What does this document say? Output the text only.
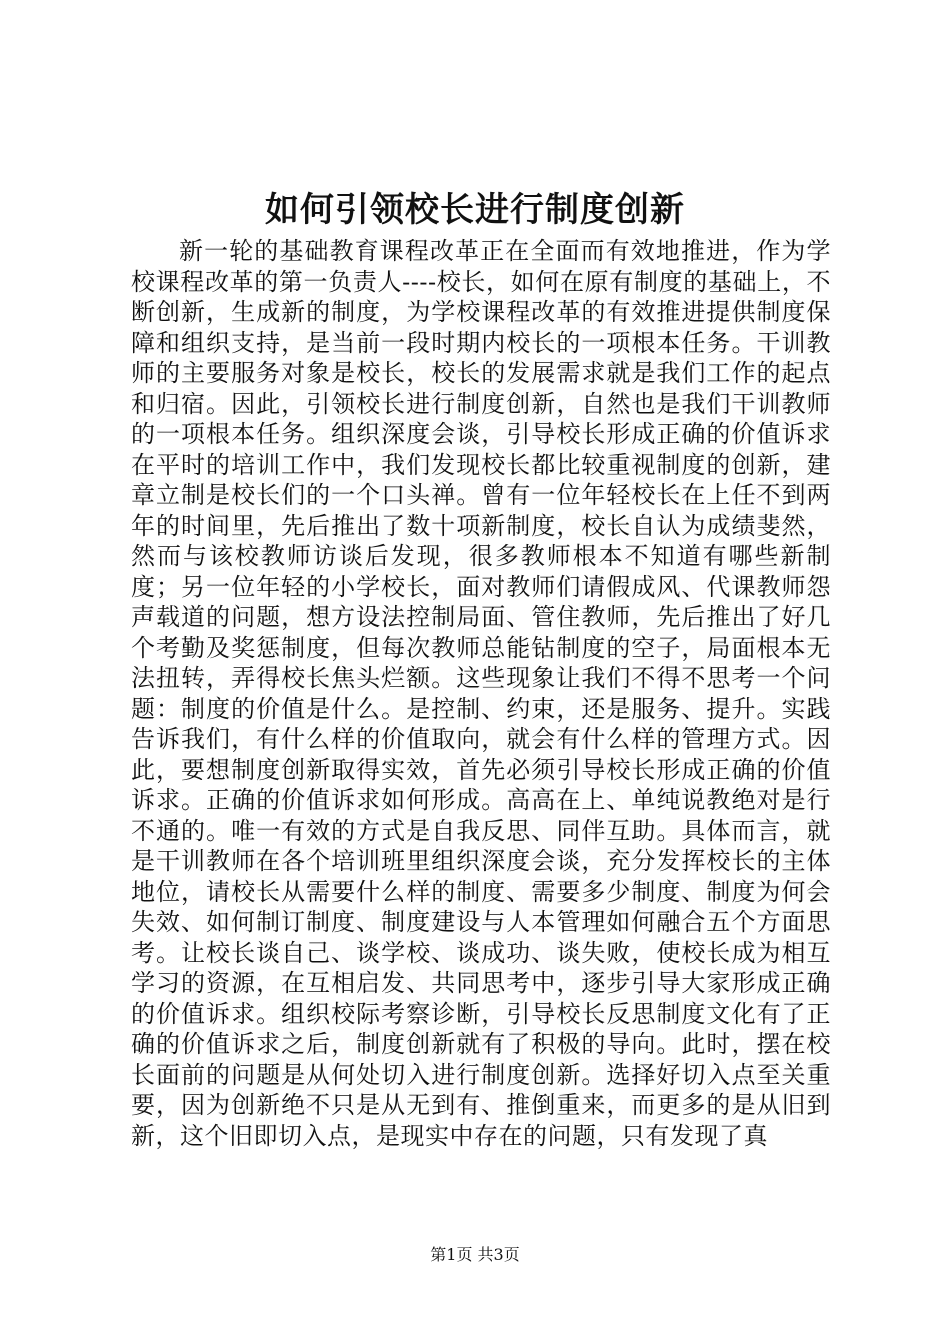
如何引领校长进行制度创新

新一轮的基础教育课程改革正在全面而有效地推进，作为学校课程改革的第一负责人----校长，如何在原有制度的基础上，不断创新，生成新的制度，为学校课程改革的有效推进提供制度保障和组织支持，是当前一段时期内校长的一项根本任务。干训教师的主要服务对象是校长，校长的发展需求就是我们工作的起点和归宿。因此，引领校长进行制度创新，自然也是我们干训教师的一项根本任务。组织深度会谈，引导校长形成正确的价值诉求在平时的培训工作中，我们发现校长都比较重视制度的创新，建章立制是校长们的一个口头禅。曾有一位年轻校长在上任不到两年的时间里，先后推出了数十项新制度，校长自认为成绩斐然，然而与该校教师访谈后发现，很多教师根本不知道有哪些新制度；另一位年轻的小学校长，面对教师们请假成风、代课教师怨声载道的问题，想方设法控制局面、管住教师，先后推出了好几个考勤及奖惩制度，但每次教师总能钻制度的空子，局面根本无法扭转，弄得校长焦头烂额。这些现象让我们不得不思考一个问题：制度的价值是什么。是控制、约束，还是服务、提升。实践告诉我们，有什么样的价值取向，就会有什么样的管理方式。因此，要想制度创新取得实效，首先必须引导校长形成正确的价值诉求。正确的价值诉求如何形成。高高在上、单纯说教绝对是行不通的。唯一有效的方式是自我反思、同伴互助。具体而言，就是干训教师在各个培训班里组织深度会谈，充分发挥校长的主体地位，请校长从需要什么样的制度、需要多少制度、制度为何会失效、如何制订制度、制度建设与人本管理如何融合五个方面思考。让校长谈自己、谈学校、谈成功、谈失败，使校长成为相互学习的资源，在互相启发、共同思考中，逐步引导大家形成正确的价值诉求。组织校际考察诊断，引导校长反思制度文化有了正确的价值诉求之后，制度创新就有了积极的导向。此时，摆在校长面前的问题是从何处切入进行制度创新。选择好切入点至关重要，因为创新绝不只是从无到有、推倒重来，而更多的是从旧到新，这个旧即切入点，是现实中存在的问题，只有发现了真

第1页 共3页
